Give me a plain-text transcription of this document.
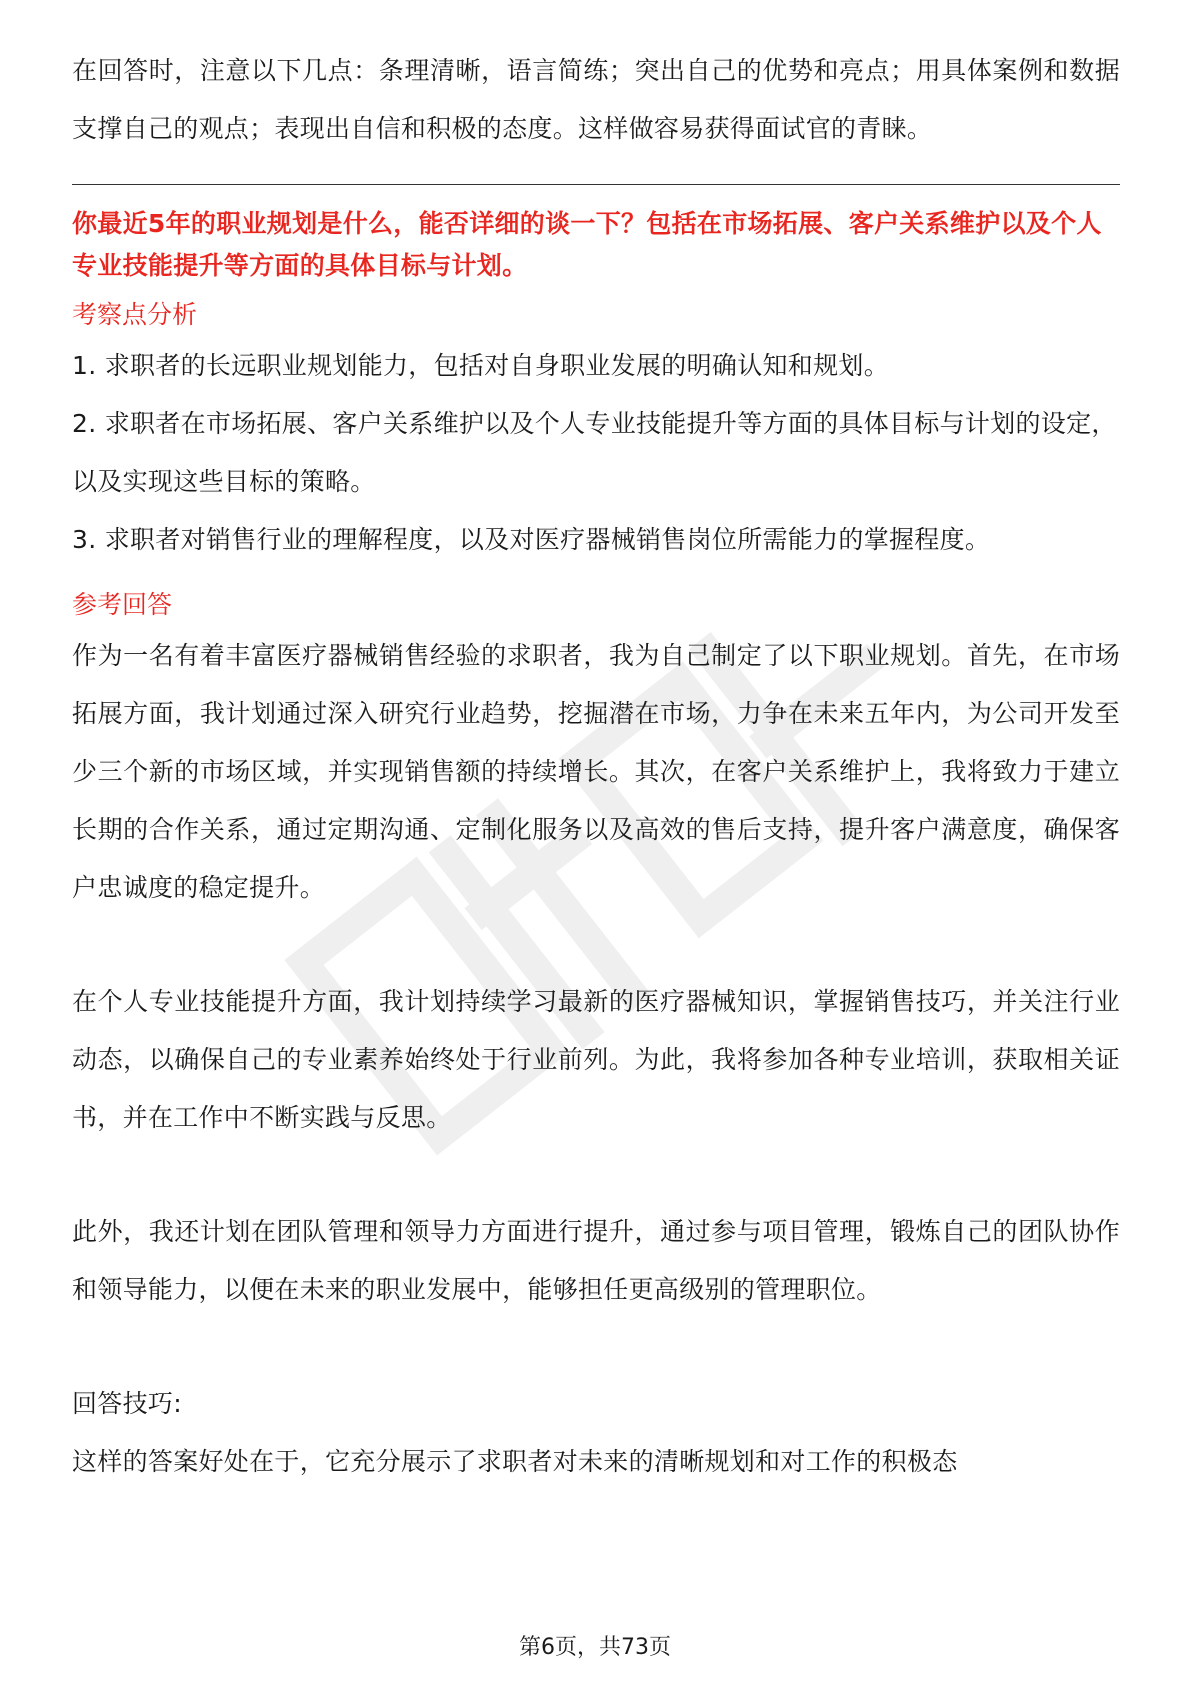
在回答时，注意以下几点：条理清晰，语言简练；突出自己的优势和亮点；用具体案例和数据支撑自己的观点；表现出自信和积极的态度。这样做容易获得面试官的青睐。

你最近5年的职业规划是什么，能否详细的谈一下？包括在市场拓展、客户关系维护以及个人专业技能提升等方面的具体目标与计划。

考察点分析

1. 求职者的长远职业规划能力，包括对自身职业发展的明确认知和规划。

2. 求职者在市场拓展、客户关系维护以及个人专业技能提升等方面的具体目标与计划的设定，以及实现这些目标的策略。

3. 求职者对销售行业的理解程度，以及对医疗器械销售岗位所需能力的掌握程度。

参考回答

作为一名有着丰富医疗器械销售经验的求职者，我为自己制定了以下职业规划。首先，在市场拓展方面，我计划通过深入研究行业趋势，挖掘潜在市场，力争在未来五年内，为公司开发至少三个新的市场区域，并实现销售额的持续增长。其次，在客户关系维护上，我将致力于建立长期的合作关系，通过定期沟通、定制化服务以及高效的售后支持，提升客户满意度，确保客户忠诚度的稳定提升。

在个人专业技能提升方面，我计划持续学习最新的医疗器械知识，掌握销售技巧，并关注行业动态，以确保自己的专业素养始终处于行业前列。为此，我将参加各种专业培训，获取相关证书，并在工作中不断实践与反思。

此外，我还计划在团队管理和领导力方面进行提升，通过参与项目管理，锻炼自己的团队协作和领导能力，以便在未来的职业发展中，能够担任更高级别的管理职位。

回答技巧:

这样的答案好处在于，它充分展示了求职者对未来的清晰规划和对工作的积极态

第6页，共73页
